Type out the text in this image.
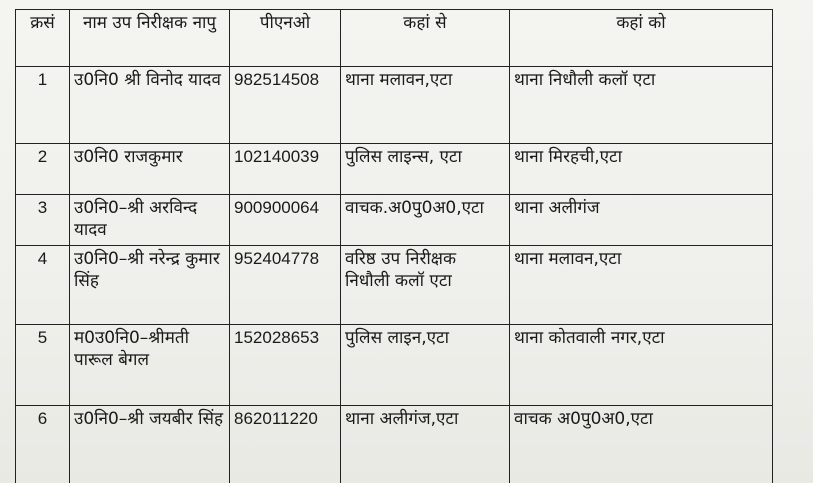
क्रसं	नाम उप निरीक्षक नापु	पीएनओ	कहां से	कहां को
1	उ0नि0 श्री विनोद यादव	982514508	थाना मलावन,एटा	थाना निधौली कलॉ एटा
2	उ0नि0 राजकुमार	102140039	पुलिस लाइन्स, एटा	थाना मिरहची,एटा
3	उ0नि0–श्री अरविन्द यादव	900900064	वाचक.अ0पु0अ0,एटा	थाना अलीगंज
4	उ0नि0–श्री नरेन्द्र कुमार सिंह	952404778	वरिष्ठ उप निरीक्षक निधौली कलॉ एटा	थाना मलावन,एटा
5	म0उ0नि0–श्रीमती पारूल बेगल	152028653	पुलिस लाइन,एटा	थाना कोतवाली नगर,एटा
6	उ0नि0–श्री जयबीर सिंह	862011220	थाना अलीगंज,एटा	वाचक अ0पु0अ0,एटा
